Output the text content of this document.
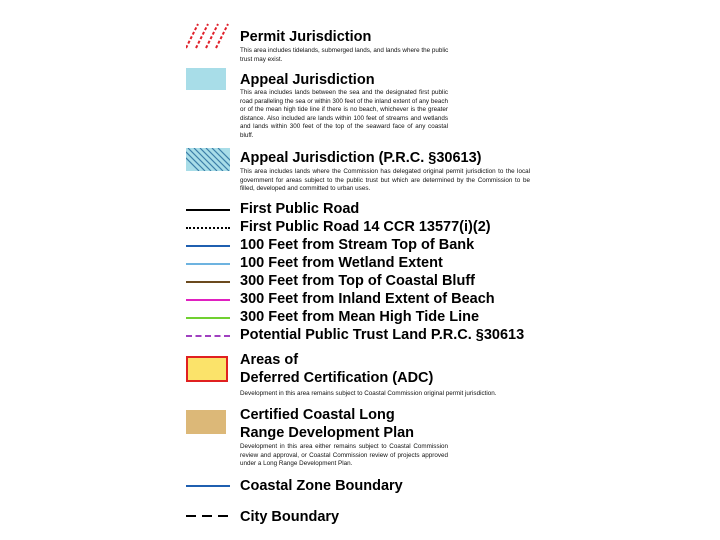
Permit Jurisdiction
This area includes tidelands, submerged lands, and lands where the public trust may exist.
Appeal Jurisdiction
This area includes lands between the sea and the designated first public road paralleling the sea or within 300 feet of the inland extent of any beach or of the mean high tide line if there is no beach, whichever is the greater distance. Also included are lands within 100 feet of streams and wetlands and lands within 300 feet of the top of the seaward face of any coastal bluff.
Appeal Jurisdiction (P.R.C. §30613)
This area includes lands where the Commission has delegated original permit jurisdiction to the local government for areas subject to the public trust but which are determined by the Commission to be filled, developed and committed to urban uses.
First Public Road
First Public Road 14 CCR 13577(i)(2)
100 Feet from Stream Top of Bank
100 Feet from Wetland Extent
300 Feet from Top of Coastal Bluff
300 Feet from Inland Extent of Beach
300 Feet from Mean High Tide Line
Potential Public Trust Land P.R.C. §30613
Areas of
Deferred Certification (ADC)
Development in this area remains subject to Coastal Commission original permit jurisdiction.
Certified Coastal Long
Range Development Plan
Development in this area either remains subject to Coastal Commission review and approval, or Coastal Commission review of projects approved under a Long Range Development Plan.
Coastal Zone Boundary
City Boundary
